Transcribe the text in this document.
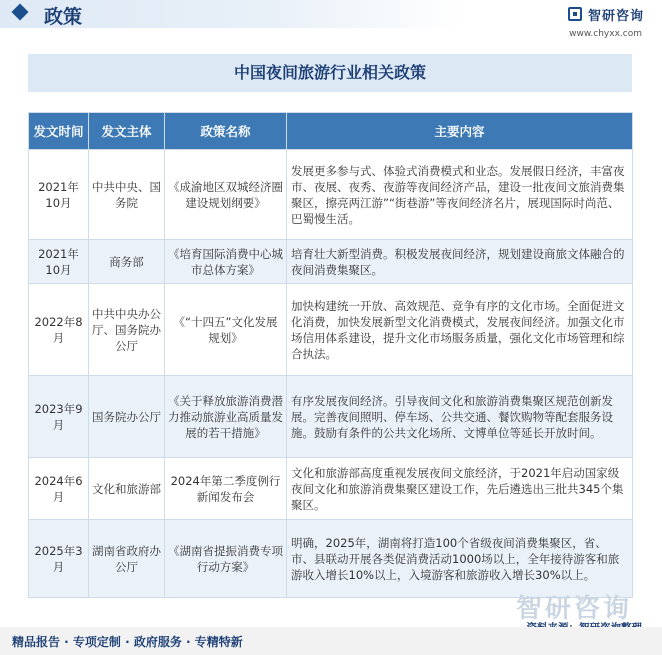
政策	智研咨询
www.chyxx.com
中国夜间旅游行业相关政策
发文时间	发文主体	政策名称	主要内容
2021年10月	中共中央、国务院	《成渝地区双城经济圈建设规划纲要》	发展更多参与式、体验式消费模式和业态。发展假日经济，丰富夜市、夜展、夜秀、夜游等夜间经济产品，建设一批夜间文旅消费集聚区，擦亮两江游”“街巷游”等夜间经济名片，展现国际时尚范、巴蜀慢生活。
2021年10月	商务部	《培育国际消费中心城市总体方案》	培育壮大新型消费。积极发展夜间经济，规划建设商旅文体融合的夜间消费集聚区。
2022年8月	中共中央办公厅、国务院办公厅	《“十四五”文化发展规划》	加快构建统一开放、高效规范、竞争有序的文化市场。全面促进文化消费，加快发展新型文化消费模式，发展夜间经济。加强文化市场信用体系建设，提升文化市场服务质量，强化文化市场管理和综合执法。
2023年9月	国务院办公厅	《关于释放旅游消费潜力推动旅游业高质量发展的若干措施》	有序发展夜间经济。引导夜间文化和旅游消费集聚区规范创新发展。完善夜间照明、停车场、公共交通、餐饮购物等配套服务设施。鼓励有条件的公共文化场所、文博单位等延长开放时间。
2024年6月	文化和旅游部	2024年第二季度例行新闻发布会	文化和旅游部高度重视发展夜间文旅经济，于2021年启动国家级夜间文化和旅游消费集聚区建设工作，先后遴选出三批共345个集聚区。
2025年3月	湖南省政府办公厅	《湖南省提振消费专项行动方案》	明确，2025年，湖南将打造100个省级夜间消费集聚区，省、市、县联动开展各类促消费活动1000场以上，全年接待游客和旅游收入增长10%以上，入境游客和旅游收入增长30%以上。
智研咨询
精品报告 · 专项定制 · 政府服务 · 专精特新
